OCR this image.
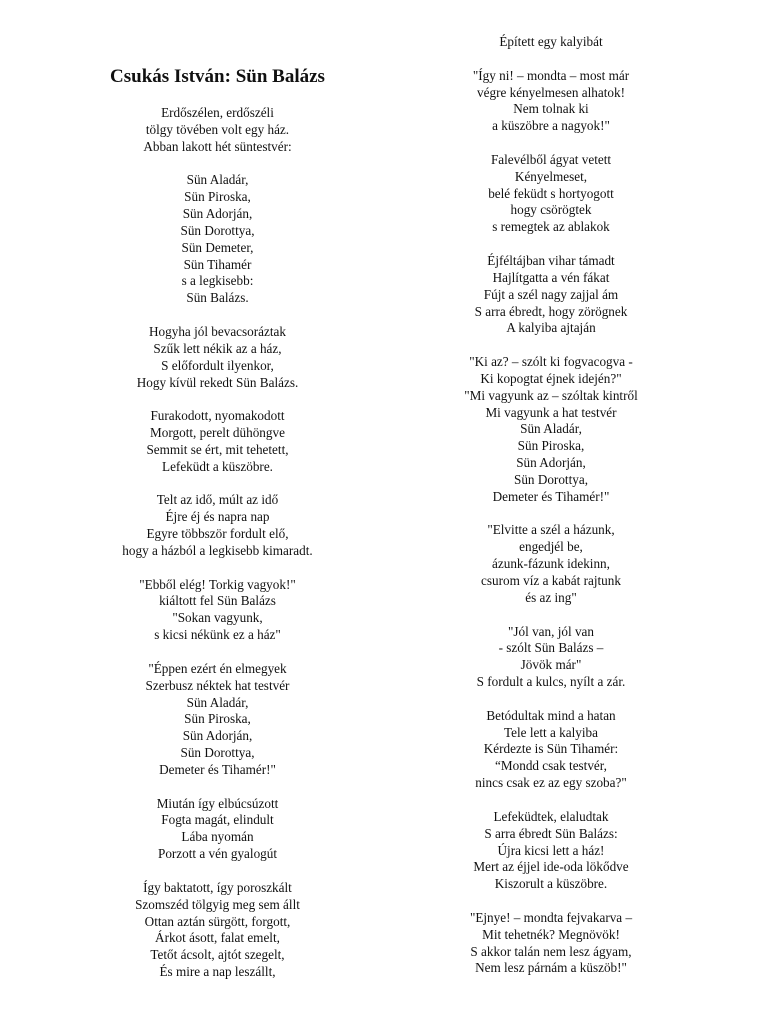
Csukás István: Sün Balázs
Erdőszélen, erdőszéli
tölgy tövében volt egy ház.
Abban lakott hét süntestvér:
Sün Aladár,
Sün Piroska,
Sün Adorján,
Sün Dorottya,
Sün Demeter,
Sün Tihamér
s a legkisebb:
Sün Balázs.
Hogyha jól bevacsoráztak
Szűk lett nékik az a ház,
S előfordult ilyenkor,
Hogy kívül rekedt Sün Balázs.
Furakodott, nyomakodott
Morgott, perelt dühöngve
Semmit se ért, mit tehetett,
Lefeküdt a küszöbre.
Telt az idő, múlt az idő
Éjre éj és napra nap
Egyre többször fordult elő,
hogy a házból a legkisebb kimaradt.
"Ebből elég! Torkig vagyok!"
kiáltott fel Sün Balázs
"Sokan vagyunk,
s kicsi nékünk ez a ház"
"Éppen ezért én elmegyek
Szerbusz néktek hat testvér
Sün Aladár,
Sün Piroska,
Sün Adorján,
Sün Dorottya,
Demeter és Tihamér!"
Miután így elbúcsúzott
Fogta magát, elindult
Lába nyomán
Porzott a vén gyalogút
Így baktatott, így poroszkált
Szomszéd tölgyig meg sem állt
Ottan aztán sürgött, forgott,
Árkot ásott, falat emelt,
Tetőt ácsolt, ajtót szegelt,
És mire a nap leszállt,
Épített egy kalyibát
"Így ni! – mondta – most már
végre kényelmesen alhatok!
Nem tolnak ki
a küszöbre a nagyok!"
Falevélből ágyat vetett
Kényelmeset,
belé feküdt s hortyogott
hogy csörögtek
s remegtek az ablakok
Éjféltájban vihar támadt
Hajlítgatta a vén fákat
Fújt a szél nagy zajjal ám
S arra ébredt, hogy zörögnek
A kalyiba ajtaján
"Ki az? – szólt ki fogvacogva -
Ki kopogtat éjnek idején?"
"Mi vagyunk az – szóltak kintről
Mi vagyunk a hat testvér
Sün Aladár,
Sün Piroska,
Sün Adorján,
Sün Dorottya,
Demeter és Tihamér!"
"Elvitte a szél a házunk,
engedjél be,
ázunk-fázunk idekinn,
csurom víz a kabát rajtunk
és az ing"
"Jól van, jól van
- szólt Sün Balázs –
Jövök már"
S fordult a kulcs, nyílt a zár.
Betódultak mind a hatan
Tele lett a kalyiba
Kérdezte is Sün Tihamér:
“Mondd csak testvér,
nincs csak ez az egy szoba?"
Lefeküdtek, elaludtak
S arra ébredt Sün Balázs:
Újra kicsi lett a ház!
Mert az éjjel ide-oda lökődve
Kiszorult a küszöbre.
"Ejnye! – mondta fejvakarva –
Mit tehetnék? Megnövök!
S akkor talán nem lesz ágyam,
Nem lesz párnám a küszöb!"
